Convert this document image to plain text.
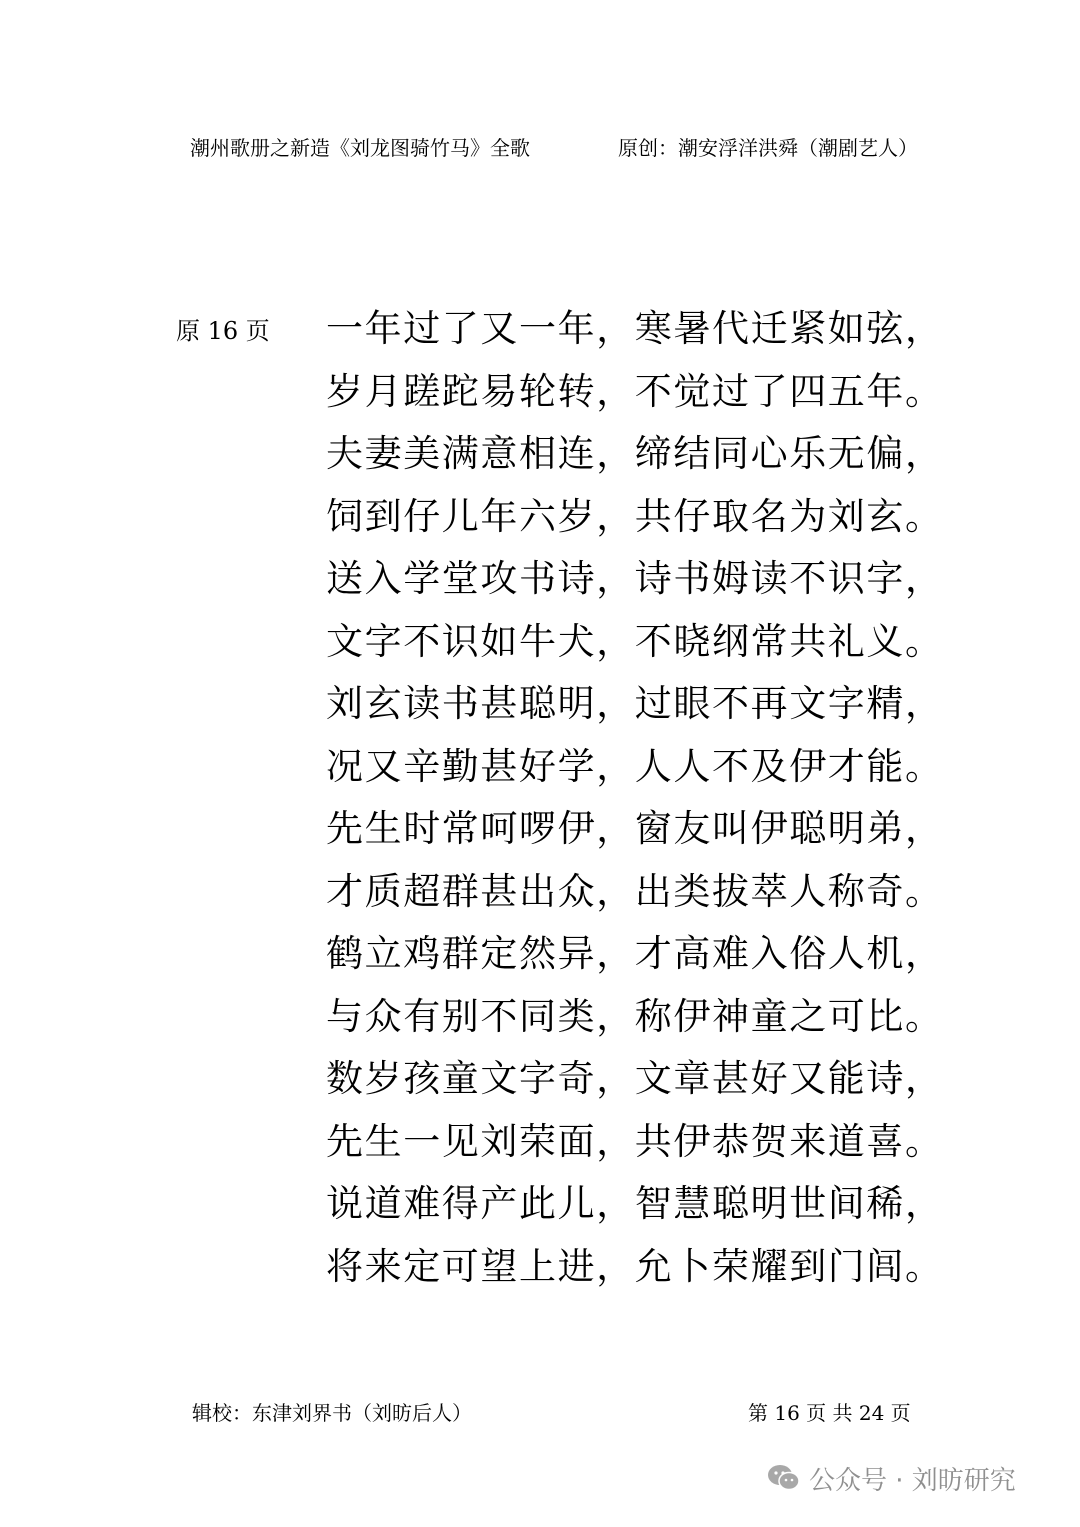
潮州歌册之新造《刘龙图骑竹马》全歌	原创：潮安浮洋洪舜（潮剧艺人）
原 16 页 一年过了又一年，寒暑代迁紧如弦，
岁月蹉跎易轮转，不觉过了四五年。
夫妻美满意相连，缔结同心乐无偏，
饲到仔儿年六岁，共仔取名为刘玄。
送入学堂攻书诗，诗书姆读不识字，
文字不识如牛犬，不晓纲常共礼义。
刘玄读书甚聪明，过眼不再文字精，
况又辛勤甚好学，人人不及伊才能。
先生时常呵啰伊，窗友叫伊聪明弟，
才质超群甚出众，出类拔萃人称奇。
鹤立鸡群定然异，才高难入俗人机，
与众有别不同类，称伊神童之可比。
数岁孩童文字奇，文章甚好又能诗，
先生一见刘荣面，共伊恭贺来道喜。
说道难得产此儿，智慧聪明世间稀，
将来定可望上进，允卜荣耀到门闾。
辑校：东津刘界书（刘昉后人）	第 16 页 共 24 页
公众号 · 刘昉研究
